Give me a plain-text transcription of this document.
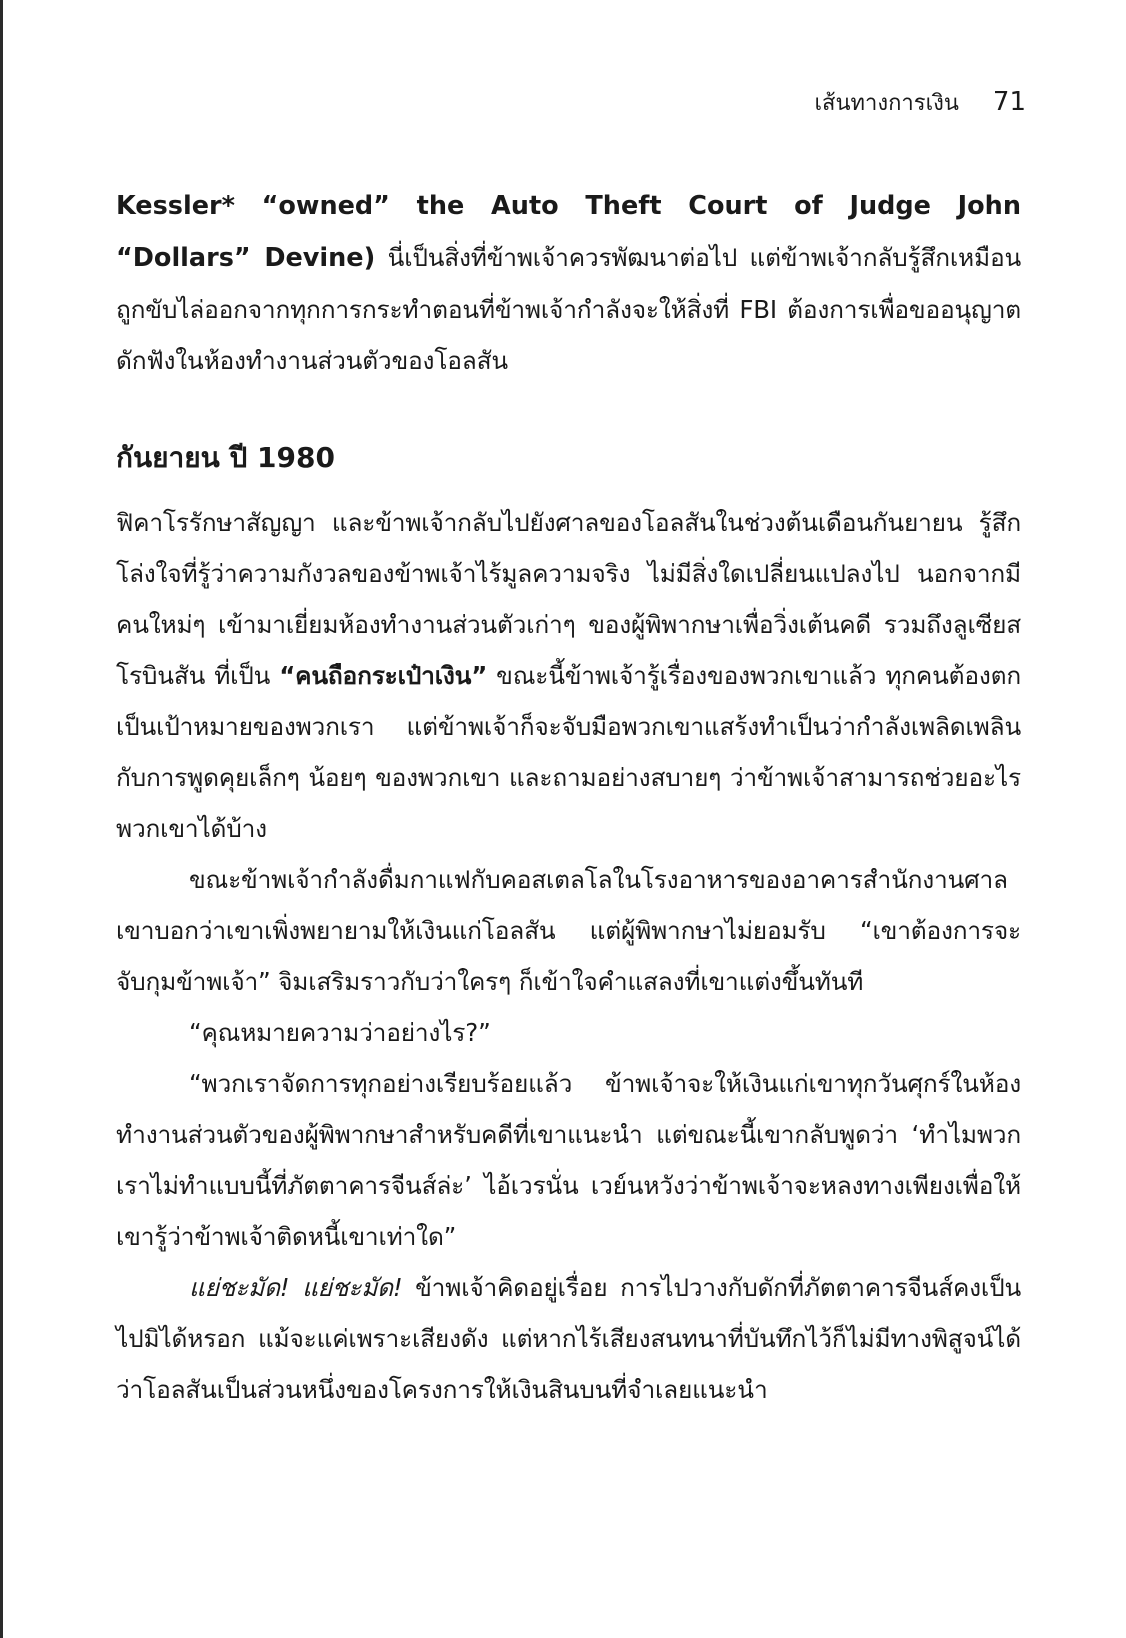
เส้นทางการเงิน 71
Kessler* “owned” the Auto Theft Court of Judge John “Dollars” Devine) นี่เป็นสิ่งที่ข้าพเจ้าควรพัฒนาต่อไป แต่ข้าพเจ้ากลับรู้สึกเหมือนถูกขับไล่ออกจากทุกการกระทำตอนที่ข้าพเจ้ากำลังจะให้สิ่งที่ FBI ต้องการเพื่อขออนุญาตดักฟังในห้องทำงานส่วนตัวของโอลสัน
กันยายน ปี 1980

ฟิคาโรรักษาสัญญา และข้าพเจ้ากลับไปยังศาลของโอลสันในช่วงต้นเดือนกันยายน รู้สึกโล่งใจที่รู้ว่าความกังวลของข้าพเจ้าไร้มูลความจริง ไม่มีสิ่งใดเปลี่ยนแปลงไป นอกจากมีคนใหม่ๆ เข้ามาเยี่ยมห้องทำงานส่วนตัวเก่าๆ ของผู้พิพากษาเพื่อวิ่งเต้นคดี รวมถึงลูเซียส โรบินสัน ที่เป็น “คนถือกระเป๋าเงิน” ขณะนี้ข้าพเจ้ารู้เรื่องของพวกเขาแล้ว ทุกคนต้องตกเป็นเป้าหมายของพวกเรา แต่ข้าพเจ้าก็จะจับมือพวกเขาแสร้งทำเป็นว่ากำลังเพลิดเพลินกับการพูดคุยเล็กๆ น้อยๆ ของพวกเขา และถามอย่างสบายๆ ว่าข้าพเจ้าสามารถช่วยอะไรพวกเขาได้บ้าง

ขณะข้าพเจ้ากำลังดื่มกาแฟกับคอสเตลโลในโรงอาหารของอาคารสำนักงานศาล เขาบอกว่าเขาเพิ่งพยายามให้เงินแก่โอลสัน แต่ผู้พิพากษาไม่ยอมรับ “เขาต้องการจะจับกุมข้าพเจ้า” จิมเสริมราวกับว่าใครๆ ก็เข้าใจคำแสลงที่เขาแต่งขึ้นทันที

“คุณหมายความว่าอย่างไร?”

“พวกเราจัดการทุกอย่างเรียบร้อยแล้ว ข้าพเจ้าจะให้เงินแก่เขาทุกวันศุกร์ในห้องทำงานส่วนตัวของผู้พิพากษาสำหรับคดีที่เขาแนะนำ แต่ขณะนี้เขากลับพูดว่า ‘ทำไมพวกเราไม่ทำแบบนี้ที่ภัตตาคารจีนส์ล่ะ’ ไอ้เวรนั่น เวย์นหวังว่าข้าพเจ้าจะหลงทางเพียงเพื่อให้เขารู้ว่าข้าพเจ้าติดหนี้เขาเท่าใด”

แย่ชะมัด! แย่ชะมัด! ข้าพเจ้าคิดอยู่เรื่อย การไปวางกับดักที่ภัตตาคารจีนส์คงเป็นไปมิได้หรอก แม้จะแค่เพราะเสียงดัง แต่หากไร้เสียงสนทนาที่บันทึกไว้ก็ไม่มีทางพิสูจน์ได้ว่าโอลสันเป็นส่วนหนึ่งของโครงการให้เงินสินบนที่จำเลยแนะนำ
